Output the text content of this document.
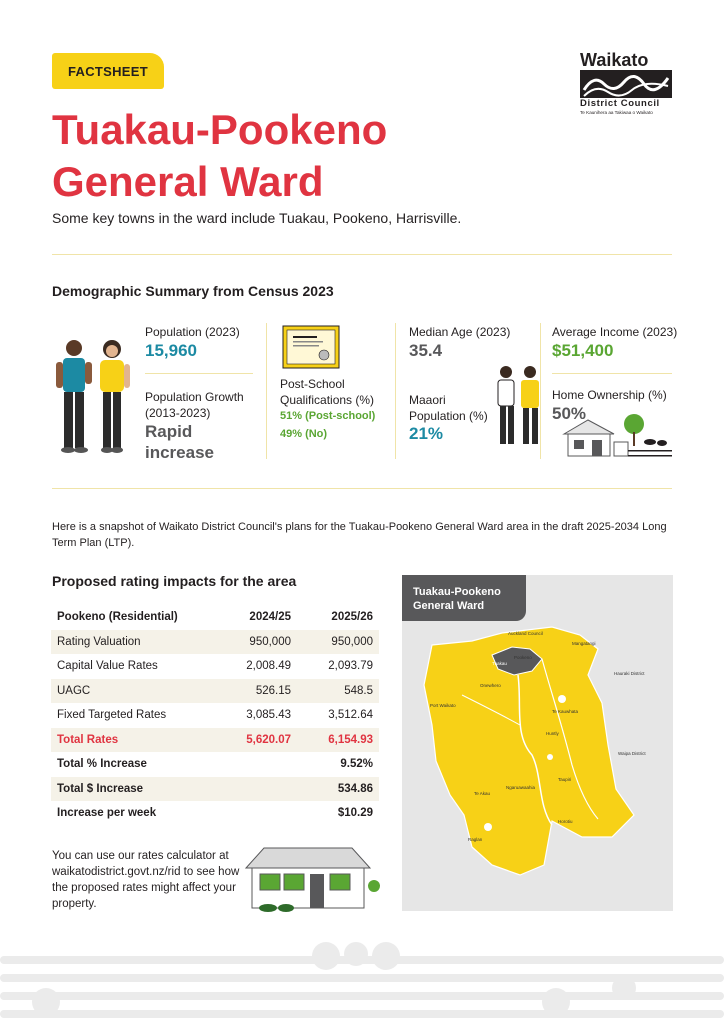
FACTSHEET
Waikato
District Council
Te Kaunihera aa Takiwaa o Waikato
Tuakau-Pookeno
General Ward
Some key towns in the ward include Tuakau, Pookeno, Harrisville.
Demographic Summary from Census 2023
Population (2023)
15,960
Population Growth
(2013-2023)
Rapid
increase
Post-School
Qualifications (%)
51% (Post-school)
49% (No)
Median Age (2023)
35.4
Maaori
Population (%)
21%
Average Income (2023)
$51,400
Home Ownership (%)
50%
Here is a snapshot of Waikato District Council's plans for the Tuakau-Pookeno General Ward area in the draft 2025-2034 Long Term Plan (LTP).
Proposed rating impacts for the area
Pookeno (Residential)	2024/25	2025/26
Rating Valuation	950,000	950,000
Capital Value Rates	2,008.49	2,093.79
UAGC	526.15	548.5
Fixed Targeted Rates	3,085.43	3,512.64
Total Rates	5,620.07	6,154.93
Total % Increase		9.52%
Total $ Increase		534.86
Increase per week		$10.29
You can use our rates calculator at waikatodistrict.govt.nz/rid to see how the proposed rates might affect your property.
Auckland Council
Tuakau
Pookeno
Onewhero
Port Waikato
Mangatangi
Te Kauwhata
Huntly
Taupiri
Raglan
Te Akau
Ngaruawaahia
Horotiu
Hauraki District
Waipa District
Tuakau-Pookeno
General Ward
